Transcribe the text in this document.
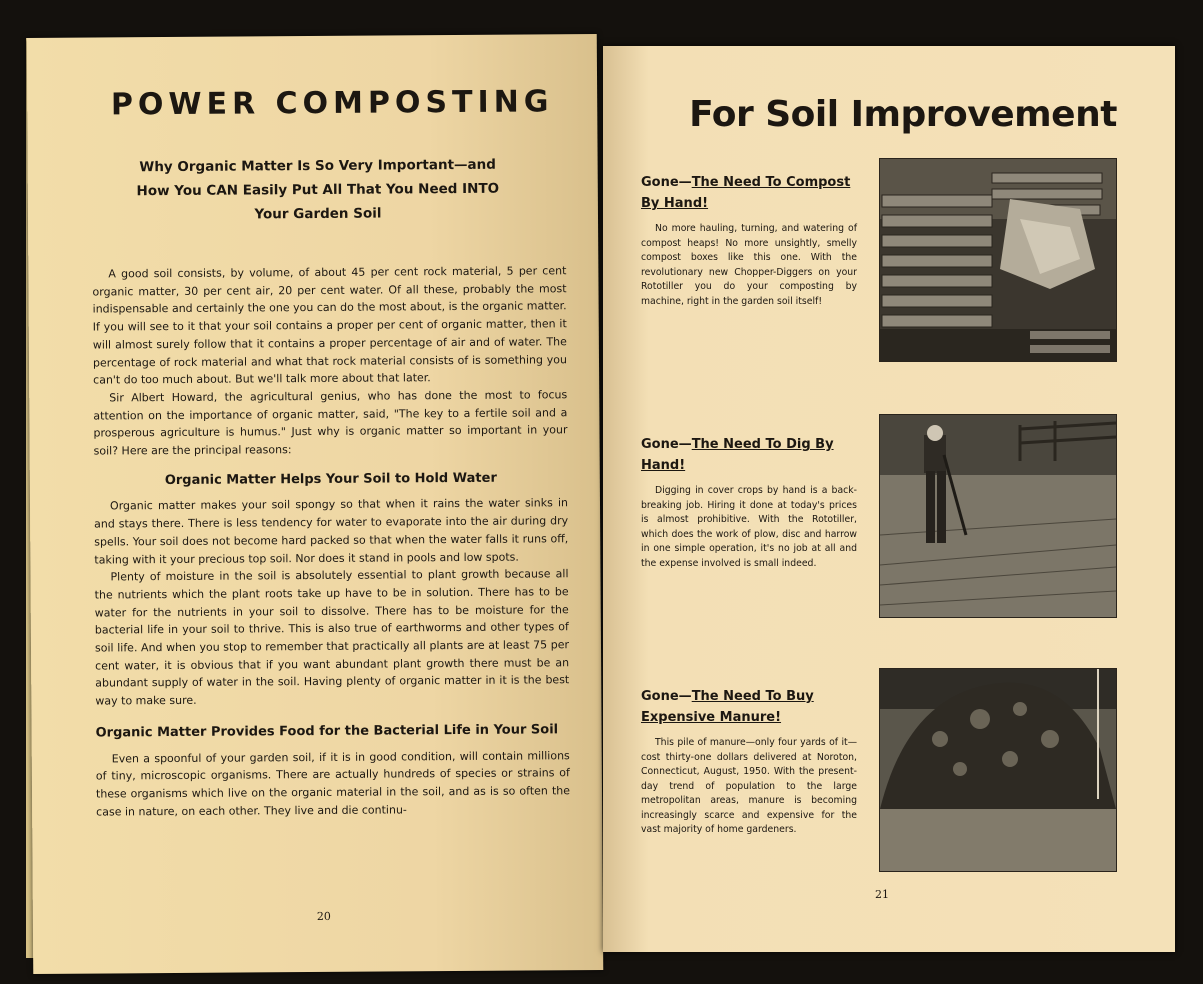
POWER COMPOSTING
Why Organic Matter Is So Very Important—and
How You CAN Easily Put All That You Need INTO
Your Garden Soil

A good soil consists, by volume, of about 45 per cent rock material, 5 per cent organic matter, 30 per cent air, 20 per cent water. Of all these, probably the most indispensable and certainly the one you can do the most about, is the organic matter. If you will see to it that your soil contains a proper per cent of organic matter, then it will almost surely follow that it contains a proper percentage of air and of water. The percentage of rock material and what that rock material consists of is something you can't do too much about. But we'll talk more about that later.

Sir Albert Howard, the agricultural genius, who has done the most to focus attention on the importance of organic matter, said, "The key to a fertile soil and a prosperous agriculture is humus." Just why is organic matter so important in your soil? Here are the principal reasons:

Organic Matter Helps Your Soil to Hold Water

Organic matter makes your soil spongy so that when it rains the water sinks in and stays there. There is less tendency for water to evaporate into the air during dry spells. Your soil does not become hard packed so that when the water falls it runs off, taking with it your precious top soil. Nor does it stand in pools and low spots.

Plenty of moisture in the soil is absolutely essential to plant growth because all the nutrients which the plant roots take up have to be in solution. There has to be water for the nutrients in your soil to dissolve. There has to be moisture for the bacterial life in your soil to thrive. This is also true of earthworms and other types of soil life. And when you stop to remember that practically all plants are at least 75 per cent water, it is obvious that if you want abundant plant growth there must be an abundant supply of water in the soil. Having plenty of organic matter in it is the best way to make sure.

Organic Matter Provides Food for the Bacterial Life in Your Soil

Even a spoonful of your garden soil, if it is in good condition, will contain millions of tiny, microscopic organisms. There are actually hundreds of species or strains of these organisms which live on the organic material in the soil, and as is so often the case in nature, on each other. They live and die continu-

20
For Soil Improvement
Gone—The Need To Compost By Hand!

No more hauling, turning, and watering of compost heaps! No more unsightly, smelly compost boxes like this one. With the revolutionary new Chopper-Diggers on your Rototiller you do your composting by machine, right in the garden soil itself!

Gone—The Need To Dig By Hand!

Digging in cover crops by hand is a back-breaking job. Hiring it done at today's prices is almost prohibitive. With the Rototiller, which does the work of plow, disc and harrow in one simple operation, it's no job at all and the expense involved is small indeed.

Gone—The Need To Buy Expensive Manure!

This pile of manure—only four yards of it—cost thirty-one dollars delivered at Noroton, Connecticut, August, 1950. With the present-day trend of population to the large metropolitan areas, manure is becoming increasingly scarce and expensive for the vast majority of home gardeners.

21
